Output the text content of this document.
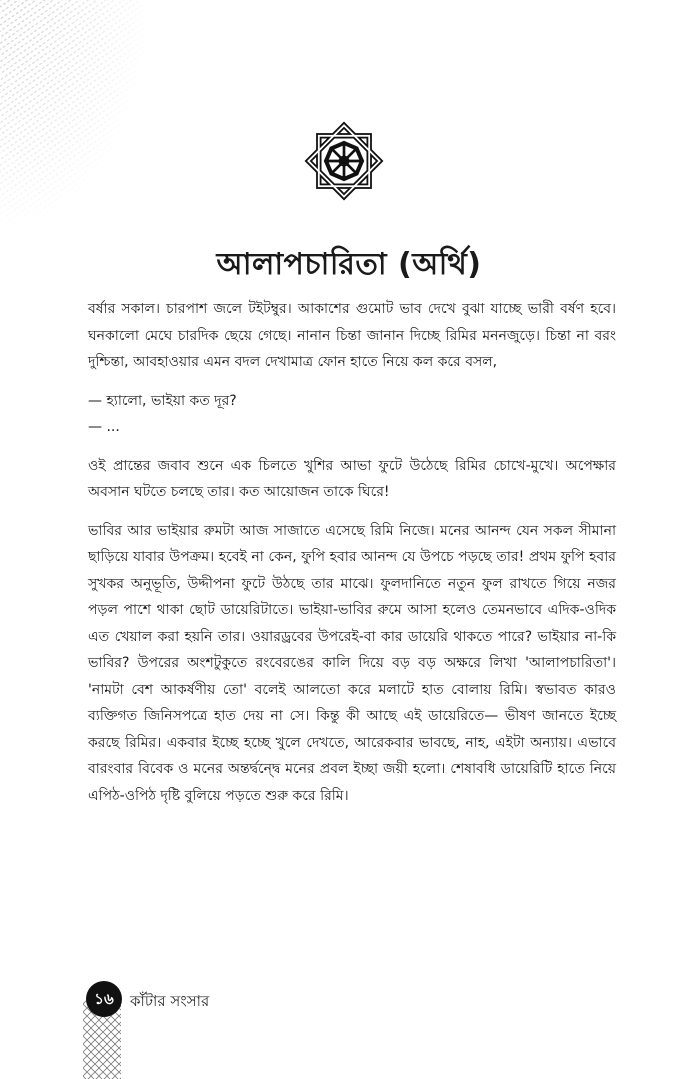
আলাপচারিতা (অর্থি)

বর্ষার সকাল। চারপাশ জলে টইটম্বুর। আকাশের গুমোট ভাব দেখে বুঝা যাচ্ছে ভারী বর্ষণ হবে। ঘনকালো মেঘে চারদিক ছেয়ে গেছে। নানান চিন্তা জানান দিচ্ছে রিমির মননজুড়ে। চিন্তা না বরং দুশ্চিন্তা, আবহাওয়ার এমন বদল দেখামাত্র ফোন হাতে নিয়ে কল করে বসল,

— হ্যালো, ভাইয়া কত দূর?

— ...

ওই প্রান্তের জবাব শুনে এক চিলতে খুশির আভা ফুটে উঠেছে রিমির চোখে-মুখে। অপেক্ষার অবসান ঘটতে চলছে তার। কত আয়োজন তাকে ঘিরে!

ভাবির আর ভাইয়ার রুমটা আজ সাজাতে এসেছে রিমি নিজে। মনের আনন্দ যেন সকল সীমানা ছাড়িয়ে যাবার উপক্রম। হবেই না কেন, ফুপি হবার আনন্দ যে উপচে পড়ছে তার! প্রথম ফুপি হবার সুখকর অনুভূতি, উদ্দীপনা ফুটে উঠছে তার মাঝে। ফুলদানিতে নতুন ফুল রাখতে গিয়ে নজর পড়ল পাশে থাকা ছোট ডায়েরিটাতে। ভাইয়া-ভাবির রুমে আসা হলেও তেমনভাবে এদিক-ওদিক এত খেয়াল করা হয়নি তার। ওয়ারড্রবের উপরেই-বা কার ডায়েরি থাকতে পারে? ভাইয়ার না-কি ভাবির? উপরের অংশটুকুতে রংবেরঙের কালি দিয়ে বড় বড় অক্ষরে লিখা 'আলাপচারিতা'। 'নামটা বেশ আকর্ষণীয় তো' বলেই আলতো করে মলাটে হাত বোলায় রিমি। স্বভাবত কারও ব্যক্তিগত জিনিসপত্রে হাত দেয় না সে। কিন্তু কী আছে এই ডায়েরিতে— ভীষণ জানতে ইচ্ছে করছে রিমির। একবার ইচ্ছে হচ্ছে খুলে দেখতে, আরেকবার ভাবছে, নাহ, এইটা অন্যায়। এভাবে বারংবার বিবেক ও মনের অন্তর্দ্বন্দ্বে মনের প্রবল ইচ্ছা জয়ী হলো। শেষাবধি ডায়েরিটি হাতে নিয়ে এপিঠ-ওপিঠ দৃষ্টি বুলিয়ে পড়তে শুরু করে রিমি।

১৬	কাঁটার সংসার
